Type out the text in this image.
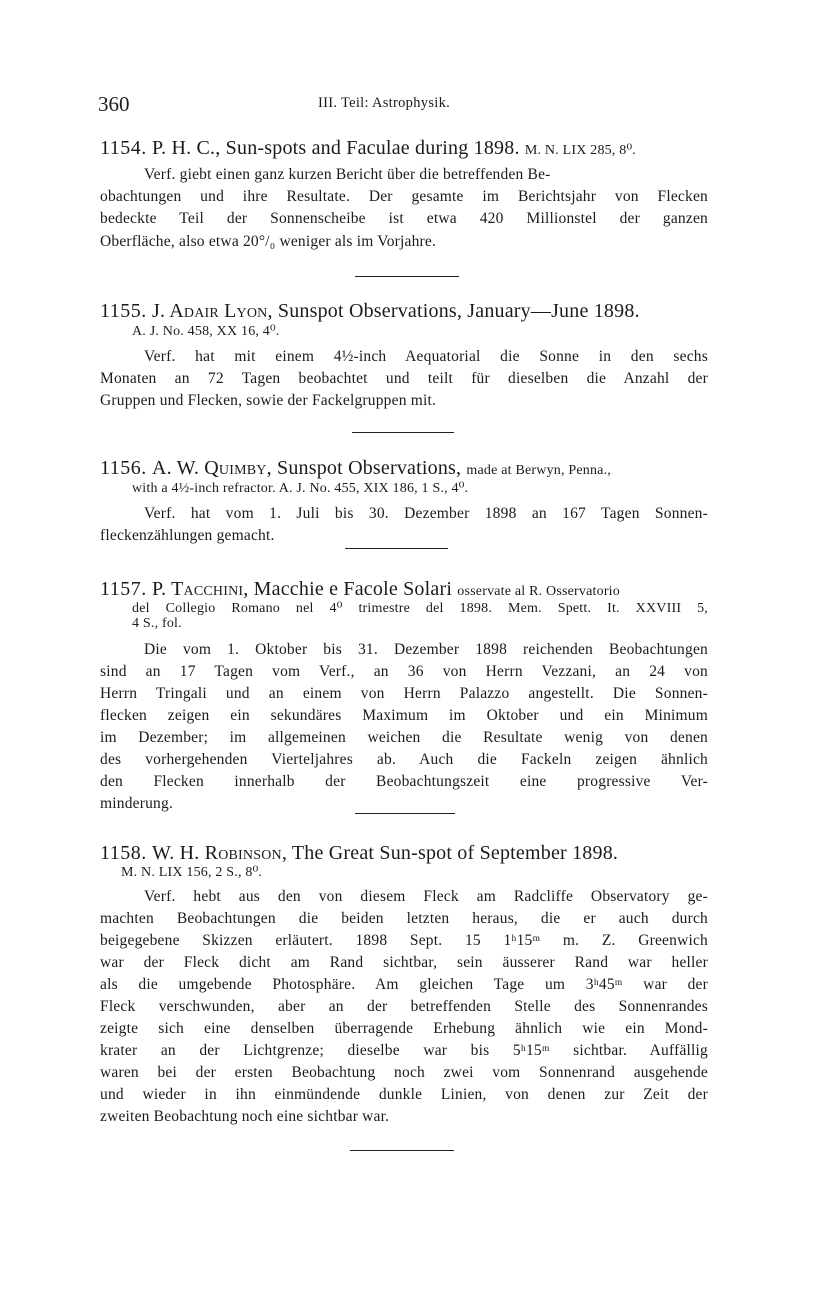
360	III. Teil: Astrophysik.
1154. P. H. C., Sun-spots and Faculae during 1898. M. N. LIX 285, 8⁰.
Verf. giebt einen ganz kurzen Bericht über die betreffenden Be-
obachtungen und ihre Resultate. Der gesamte im Berichtsjahr von Flecken
bedeckte Teil der Sonnenscheibe ist etwa 420 Millionstel der ganzen
Oberfläche, also etwa 20°/₀ weniger als im Vorjahre.
1155. J. Adair Lyon, Sunspot Observations, January—June 1898.
A. J. No. 458, XX 16, 4⁰.
Verf. hat mit einem 4½-inch Aequatorial die Sonne in den sechs
Monaten an 72 Tagen beobachtet und teilt für dieselben die Anzahl der
Gruppen und Flecken, sowie der Fackelgruppen mit.
1156. A. W. Quimby, Sunspot Observations, made at Berwyn, Penna.,
with a 4½-inch refractor. A. J. No. 455, XIX 186, 1 S., 4⁰.
Verf. hat vom 1. Juli bis 30. Dezember 1898 an 167 Tagen Sonnen-
fleckenzählungen gemacht.
1157. P. Tacchini, Macchie e Facole Solari osservate al R. Osservatorio
del Collegio Romano nel 4⁰ trimestre del 1898. Mem. Spett. It. XXVIII 5,
4 S., fol.
Die vom 1. Oktober bis 31. Dezember 1898 reichenden Beobachtungen
sind an 17 Tagen vom Verf., an 36 von Herrn Vezzani, an 24 von
Herrn Tringali und an einem von Herrn Palazzo angestellt. Die Sonnen-
flecken zeigen ein sekundäres Maximum im Oktober und ein Minimum
im Dezember; im allgemeinen weichen die Resultate wenig von denen
des vorhergehenden Vierteljahres ab. Auch die Fackeln zeigen ähnlich
den Flecken innerhalb der Beobachtungszeit eine progressive Ver-
minderung.
1158. W. H. Robinson, The Great Sun-spot of September 1898.
M. N. LIX 156, 2 S., 8⁰.
Verf. hebt aus den von diesem Fleck am Radcliffe Observatory ge-
machten Beobachtungen die beiden letzten heraus, die er auch durch
beigegebene Skizzen erläutert. 1898 Sept. 15 1ʰ15ᵐ m. Z. Greenwich
war der Fleck dicht am Rand sichtbar, sein äusserer Rand war heller
als die umgebende Photosphäre. Am gleichen Tage um 3ʰ45ᵐ war der
Fleck verschwunden, aber an der betreffenden Stelle des Sonnenrandes
zeigte sich eine denselben überragende Erhebung ähnlich wie ein Mond-
krater an der Lichtgrenze; dieselbe war bis 5ʰ15ᵐ sichtbar. Auffällig
waren bei der ersten Beobachtung noch zwei vom Sonnenrand ausgehende
und wieder in ihn einmündende dunkle Linien, von denen zur Zeit der
zweiten Beobachtung noch eine sichtbar war.
